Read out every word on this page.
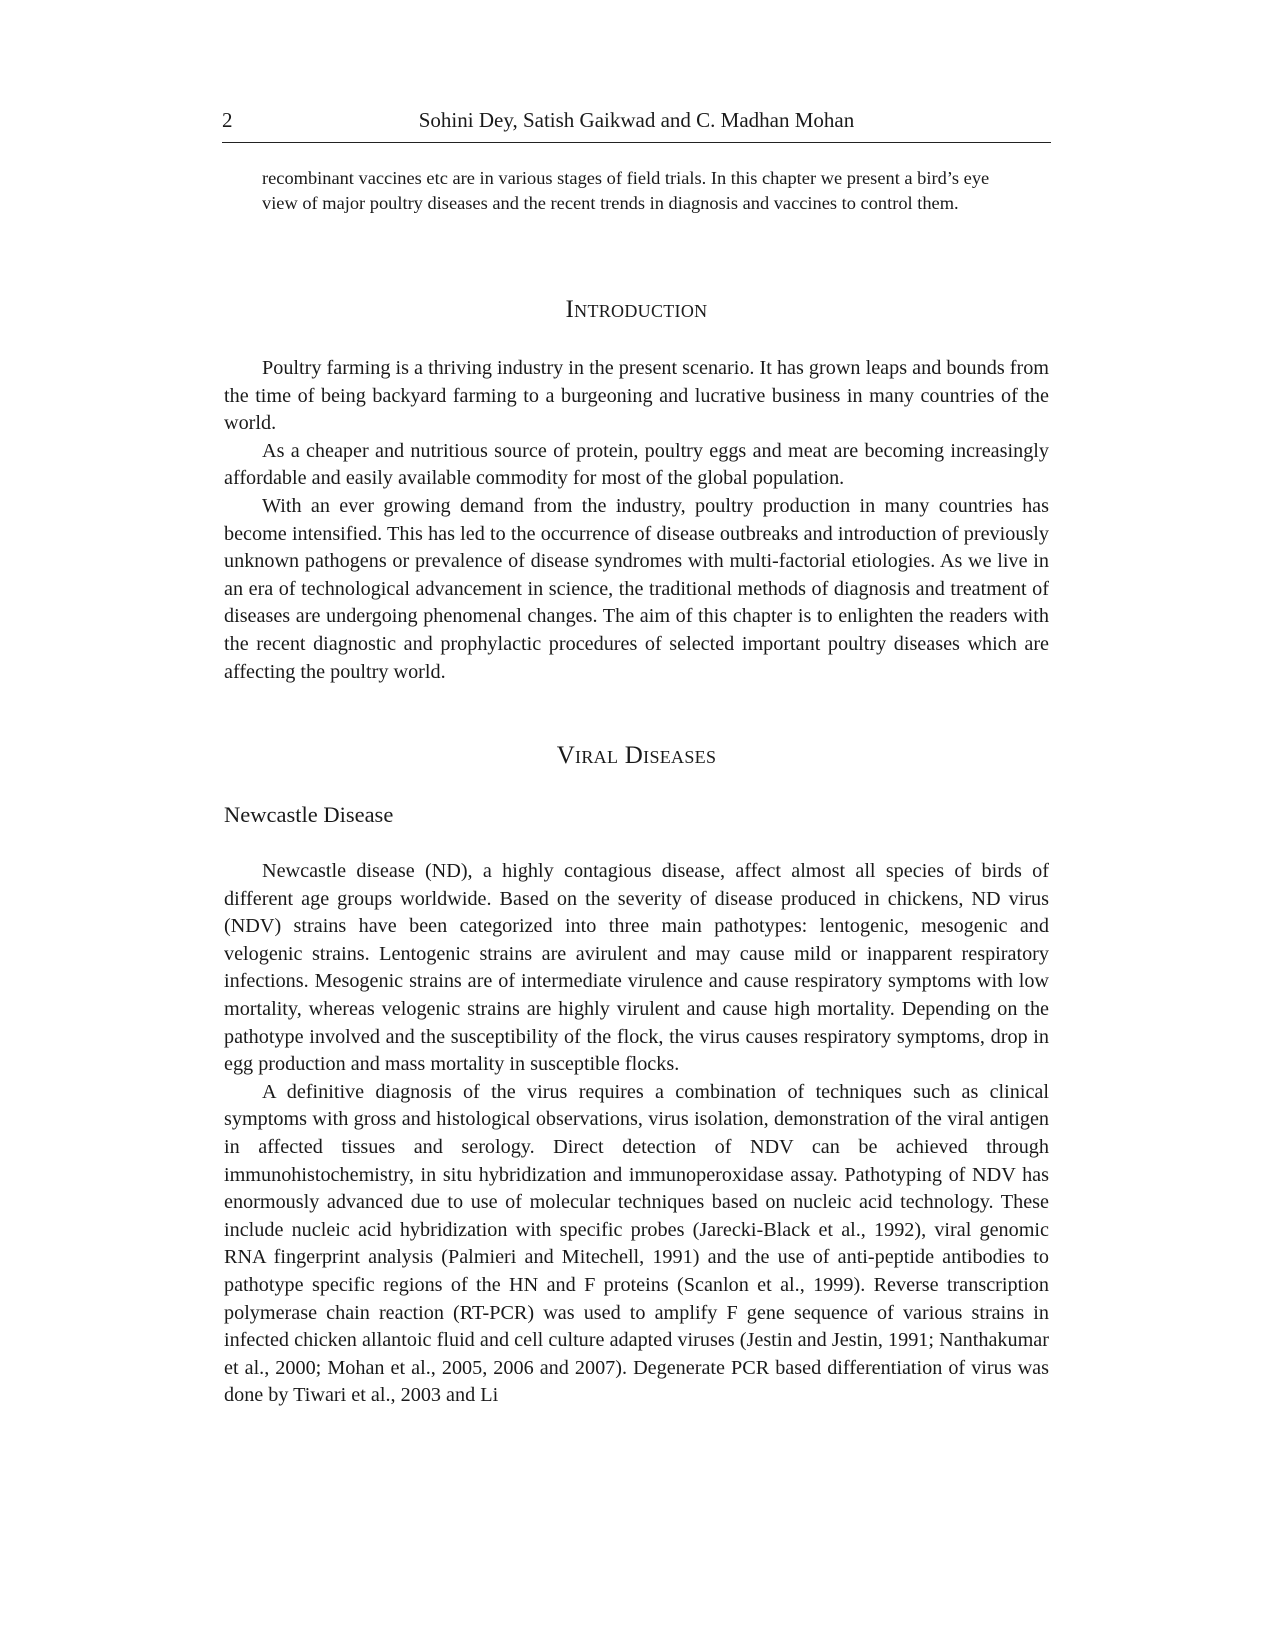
2	Sohini Dey, Satish Gaikwad and C. Madhan Mohan

recombinant vaccines etc are in various stages of field trials. In this chapter we present a bird’s eye view of major poultry diseases and the recent trends in diagnosis and vaccines to control them.

Introduction

Poultry farming is a thriving industry in the present scenario. It has grown leaps and bounds from the time of being backyard farming to a burgeoning and lucrative business in many countries of the world.

As a cheaper and nutritious source of protein, poultry eggs and meat are becoming increasingly affordable and easily available commodity for most of the global population.

With an ever growing demand from the industry, poultry production in many countries has become intensified. This has led to the occurrence of disease outbreaks and introduction of previously unknown pathogens or prevalence of disease syndromes with multi-factorial etiologies. As we live in an era of technological advancement in science, the traditional methods of diagnosis and treatment of diseases are undergoing phenomenal changes. The aim of this chapter is to enlighten the readers with the recent diagnostic and prophylactic procedures of selected important poultry diseases which are affecting the poultry world.

Viral Diseases
Newcastle Disease

Newcastle disease (ND), a highly contagious disease, affect almost all species of birds of different age groups worldwide. Based on the severity of disease produced in chickens, ND virus (NDV) strains have been categorized into three main pathotypes: lentogenic, mesogenic and velogenic strains. Lentogenic strains are avirulent and may cause mild or inapparent respiratory infections. Mesogenic strains are of intermediate virulence and cause respiratory symptoms with low mortality, whereas velogenic strains are highly virulent and cause high mortality. Depending on the pathotype involved and the susceptibility of the flock, the virus causes respiratory symptoms, drop in egg production and mass mortality in susceptible flocks.

A definitive diagnosis of the virus requires a combination of techniques such as clinical symptoms with gross and histological observations, virus isolation, demonstration of the viral antigen in affected tissues and serology. Direct detection of NDV can be achieved through immunohistochemistry, in situ hybridization and immunoperoxidase assay. Pathotyping of NDV has enormously advanced due to use of molecular techniques based on nucleic acid technology. These include nucleic acid hybridization with specific probes (Jarecki-Black et al., 1992), viral genomic RNA fingerprint analysis (Palmieri and Mitechell, 1991) and the use of anti-peptide antibodies to pathotype specific regions of the HN and F proteins (Scanlon et al., 1999). Reverse transcription polymerase chain reaction (RT-PCR) was used to amplify F gene sequence of various strains in infected chicken allantoic fluid and cell culture adapted viruses (Jestin and Jestin, 1991; Nanthakumar et al., 2000; Mohan et al., 2005, 2006 and 2007). Degenerate PCR based differentiation of virus was done by Tiwari et al., 2003 and Li
